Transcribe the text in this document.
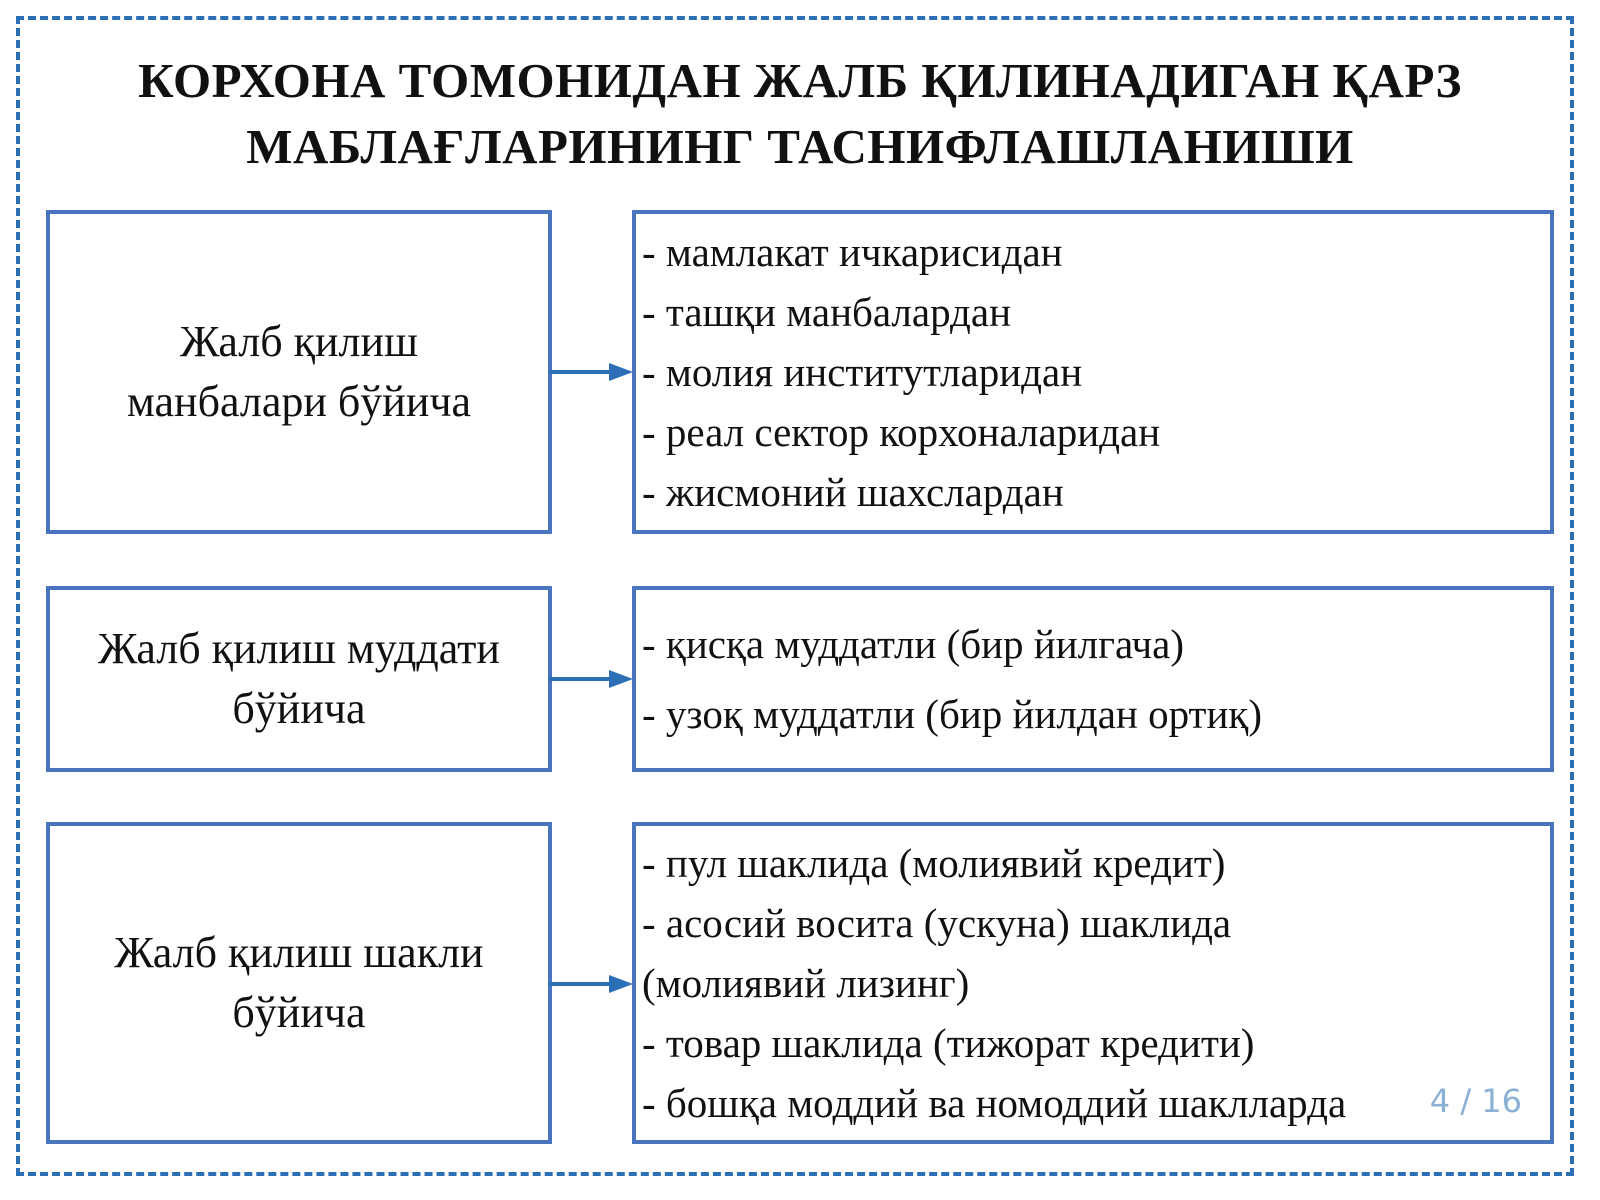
КОРХОНА ТОМОНИДАН ЖАЛБ ҚИЛИНАДИГАН ҚАРЗ
МАБЛАҒЛАРИНИНГ ТАСНИФЛАШЛАНИШИ
Жалб қилиш
манбалари бўйича
- мамлакат ичкарисидан
- ташқи манбалардан
- молия институтларидан
- реал сектор корхоналаридан
- жисмоний шахслардан
Жалб қилиш муддати
бўйича
- қисқа муддатли (бир йилгача)
- узоқ муддатли (бир йилдан ортиқ)
Жалб қилиш шакли
бўйича
- пул шаклида (молиявий кредит)
- асосий восита (ускуна) шаклида
(молиявий лизинг)
- товар шаклида (тижорат кредити)
- бошқа моддий ва номоддий шаклларда	4 / 16
